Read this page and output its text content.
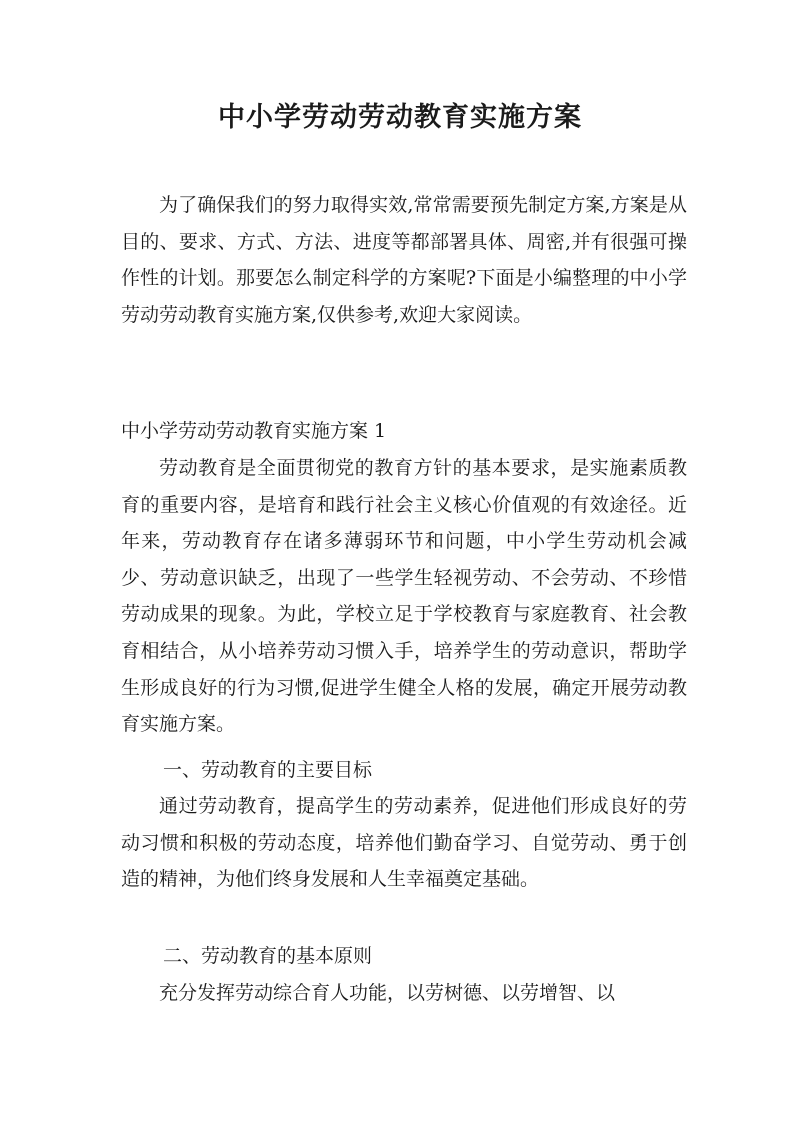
中小学劳动劳动教育实施方案

为了确保我们的努力取得实效,常常需要预先制定方案,方案是从目的、要求、方式、方法、进度等都部署具体、周密,并有很强可操作性的计划。那要怎么制定科学的方案呢?下面是小编整理的中小学劳动劳动教育实施方案,仅供参考,欢迎大家阅读。

中小学劳动劳动教育实施方案 1

劳动教育是全面贯彻党的教育方针的基本要求，是实施素质教育的重要内容，是培育和践行社会主义核心价值观的有效途径。近年来，劳动教育存在诸多薄弱环节和问题，中小学生劳动机会减少、劳动意识缺乏，出现了一些学生轻视劳动、不会劳动、不珍惜劳动成果的现象。为此，学校立足于学校教育与家庭教育、社会教育相结合，从小培养劳动习惯入手，培养学生的劳动意识，帮助学生形成良好的行为习惯,促进学生健全人格的发展，确定开展劳动教育实施方案。

一、劳动教育的主要目标

通过劳动教育，提高学生的劳动素养，促进他们形成良好的劳动习惯和积极的劳动态度，培养他们勤奋学习、自觉劳动、勇于创造的精神，为他们终身发展和人生幸福奠定基础。

二、劳动教育的基本原则

充分发挥劳动综合育人功能，以劳树德、以劳增智、以
